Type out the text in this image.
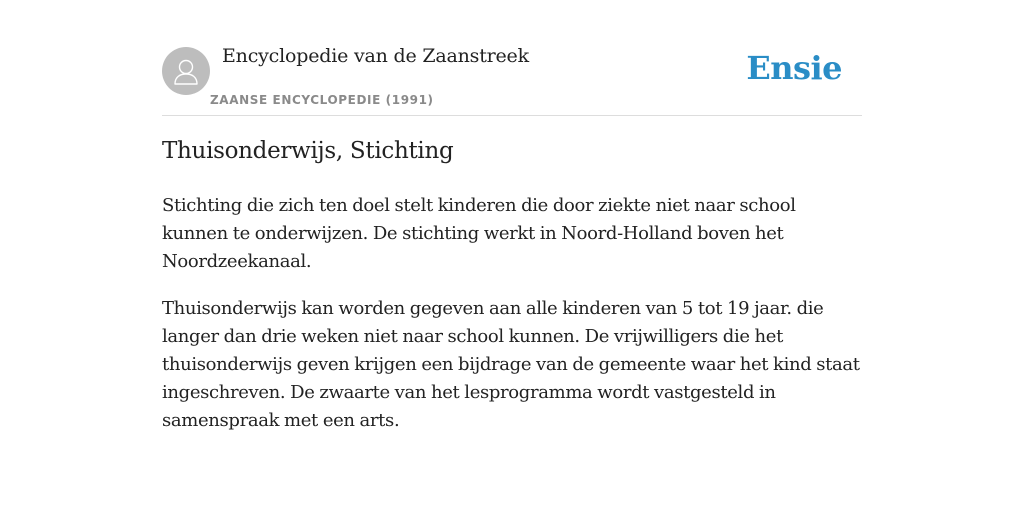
Encyclopedie van de Zaanstreek
ZAANSE ENCYCLOPEDIE (1991)
Ensie
Thuisonderwijs, Stichting

Stichting die zich ten doel stelt kinderen die door ziekte niet naar school kunnen te onderwijzen. De stichting werkt in Noord-Holland boven het Noordzeekanaal.

Thuisonderwijs kan worden gegeven aan alle kinderen van 5 tot 19 jaar. die langer dan drie weken niet naar school kunnen. De vrijwilligers die het thuisonderwijs geven krijgen een bijdrage van de gemeente waar het kind staat ingeschreven. De zwaarte van het lesprogramma wordt vastgesteld in samenspraak met een arts.
